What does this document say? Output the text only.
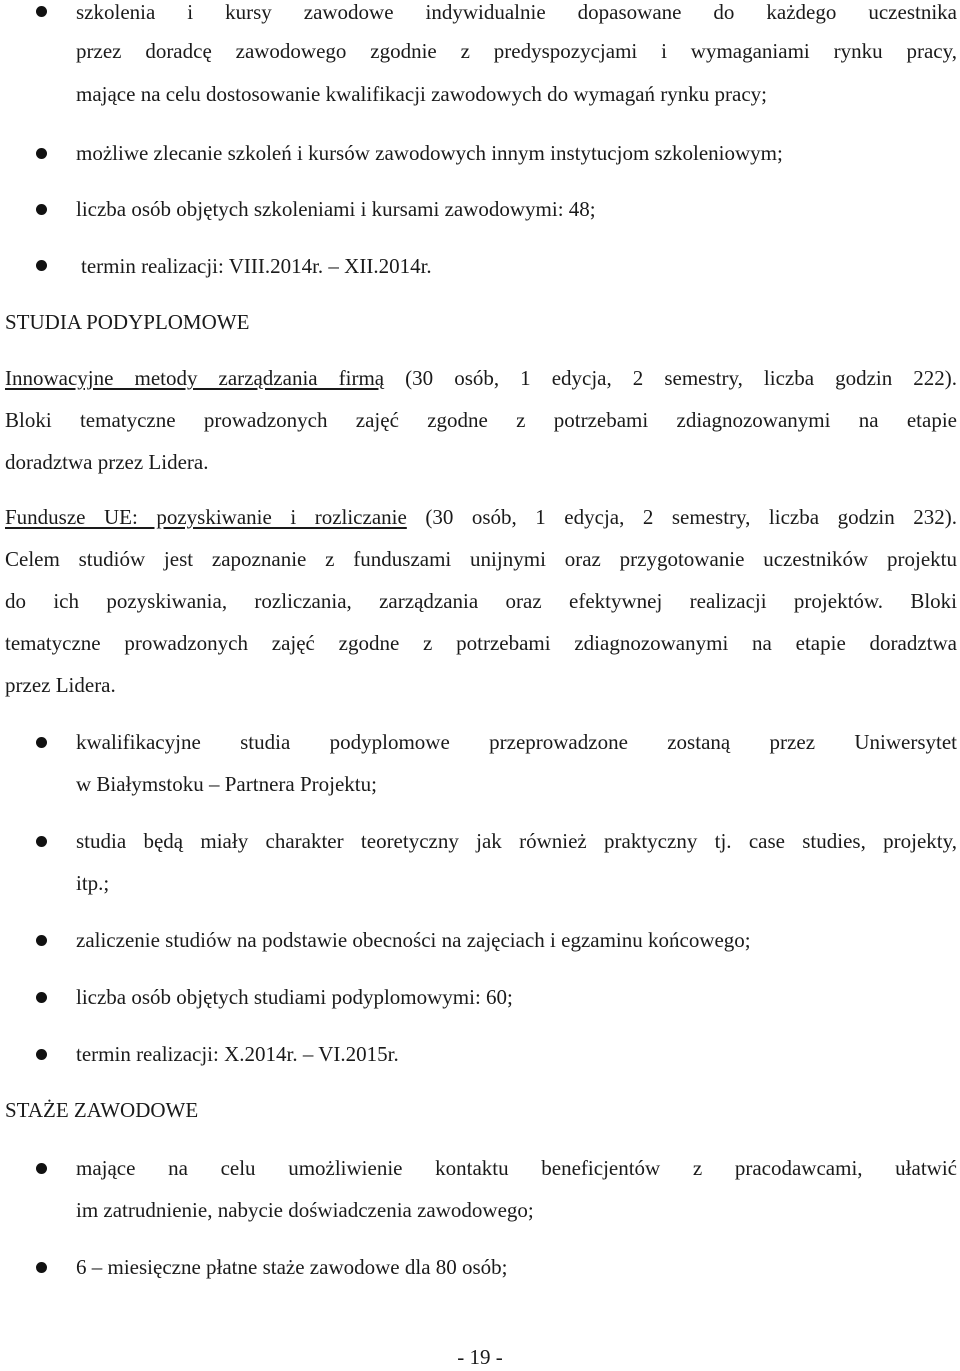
szkolenia i kursy zawodowe indywidualnie dopasowane do każdego uczestnika
przez doradcę zawodowego zgodnie z predyspozycjami i wymaganiami rynku pracy,
mające na celu dostosowanie kwalifikacji zawodowych do wymagań rynku pracy;
możliwe zlecanie szkoleń i kursów zawodowych innym instytucjom szkoleniowym;
liczba osób objętych szkoleniami i kursami zawodowymi: 48;
termin realizacji: VIII.2014r. – XII.2014r.
STUDIA PODYPLOMOWE
Innowacyjne metody zarządzania firmą (30 osób, 1 edycja, 2 semestry, liczba godzin 222).
Bloki tematyczne prowadzonych zajęć zgodne z potrzebami zdiagnozowanymi na etapie
doradztwa przez Lidera.
Fundusze UE: pozyskiwanie i rozliczanie (30 osób, 1 edycja, 2 semestry, liczba godzin 232).
Celem studiów jest zapoznanie z funduszami unijnymi oraz przygotowanie uczestników projektu
do ich pozyskiwania, rozliczania, zarządzania oraz efektywnej realizacji projektów. Bloki
tematyczne prowadzonych zajęć zgodne z potrzebami zdiagnozowanymi na etapie doradztwa
przez Lidera.
kwalifikacyjne studia podyplomowe przeprowadzone zostaną przez Uniwersytet
w Białymstoku – Partnera Projektu;
studia będą miały charakter teoretyczny jak również praktyczny tj. case studies, projekty,
itp.;
zaliczenie studiów na podstawie obecności na zajęciach i egzaminu końcowego;
liczba osób objętych studiami podyplomowymi: 60;
termin realizacji: X.2014r. – VI.2015r.
STAŻE ZAWODOWE
mające na celu umożliwienie kontaktu beneficjentów z pracodawcami, ułatwić
im zatrudnienie, nabycie doświadczenia zawodowego;
6 – miesięczne płatne staże zawodowe dla 80 osób;
- 19 -
